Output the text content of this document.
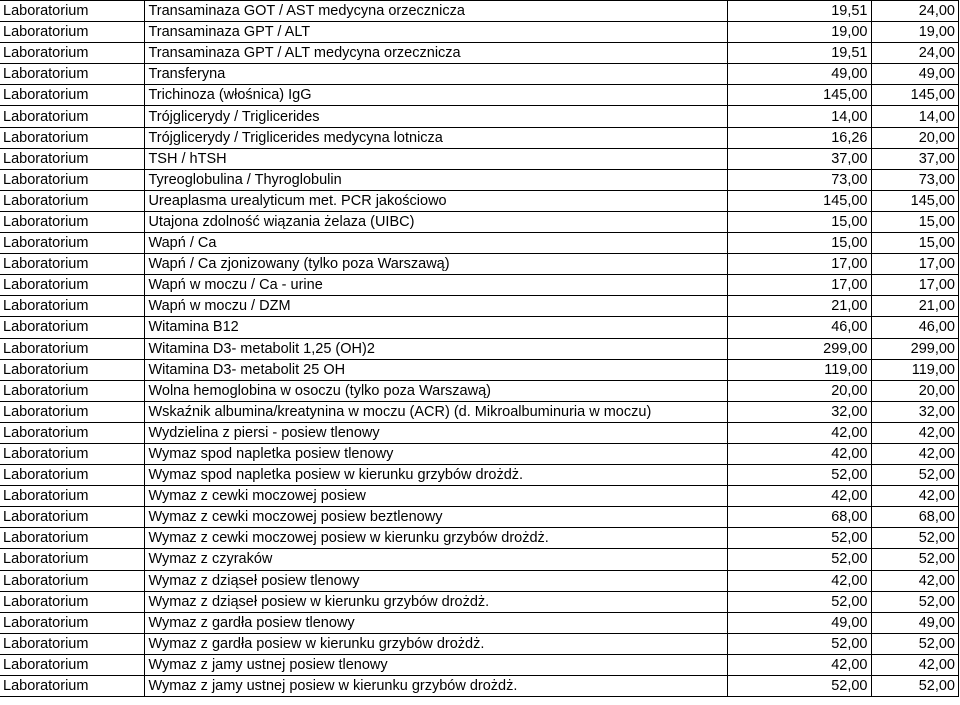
Laboratorium	Transaminaza GOT / AST medycyna orzecznicza	19,51	24,00
Laboratorium	Transaminaza GPT / ALT	19,00	19,00
Laboratorium	Transaminaza GPT / ALT medycyna orzecznicza	19,51	24,00
Laboratorium	Transferyna	49,00	49,00
Laboratorium	Trichinoza (włośnica) IgG	145,00	145,00
Laboratorium	Trójglicerydy / Triglicerides	14,00	14,00
Laboratorium	Trójglicerydy / Triglicerides medycyna lotnicza	16,26	20,00
Laboratorium	TSH / hTSH	37,00	37,00
Laboratorium	Tyreoglobulina / Thyroglobulin	73,00	73,00
Laboratorium	Ureaplasma urealyticum met. PCR jakościowo	145,00	145,00
Laboratorium	Utajona zdolność wiązania żelaza (UIBC)	15,00	15,00
Laboratorium	Wapń / Ca	15,00	15,00
Laboratorium	Wapń / Ca zjonizowany (tylko poza Warszawą)	17,00	17,00
Laboratorium	Wapń w moczu / Ca - urine	17,00	17,00
Laboratorium	Wapń w moczu / DZM	21,00	21,00
Laboratorium	Witamina B12	46,00	46,00
Laboratorium	Witamina D3- metabolit 1,25 (OH)2	299,00	299,00
Laboratorium	Witamina D3- metabolit 25 OH	119,00	119,00
Laboratorium	Wolna hemoglobina w osoczu (tylko poza Warszawą)	20,00	20,00
Laboratorium	Wskaźnik albumina/kreatynina w moczu (ACR) (d. Mikroalbuminuria w moczu)	32,00	32,00
Laboratorium	Wydzielina z piersi - posiew tlenowy	42,00	42,00
Laboratorium	Wymaz spod napletka posiew tlenowy	42,00	42,00
Laboratorium	Wymaz spod napletka posiew w kierunku grzybów drożdż.	52,00	52,00
Laboratorium	Wymaz z cewki moczowej posiew	42,00	42,00
Laboratorium	Wymaz z cewki moczowej posiew beztlenowy	68,00	68,00
Laboratorium	Wymaz z cewki moczowej posiew w kierunku grzybów drożdż.	52,00	52,00
Laboratorium	Wymaz z czyraków	52,00	52,00
Laboratorium	Wymaz z dziąseł posiew tlenowy	42,00	42,00
Laboratorium	Wymaz z dziąseł posiew w kierunku grzybów drożdż.	52,00	52,00
Laboratorium	Wymaz z gardła posiew tlenowy	49,00	49,00
Laboratorium	Wymaz z gardła posiew w kierunku grzybów drożdż.	52,00	52,00
Laboratorium	Wymaz z jamy ustnej posiew tlenowy	42,00	42,00
Laboratorium	Wymaz z jamy ustnej posiew w kierunku grzybów drożdż.	52,00	52,00
